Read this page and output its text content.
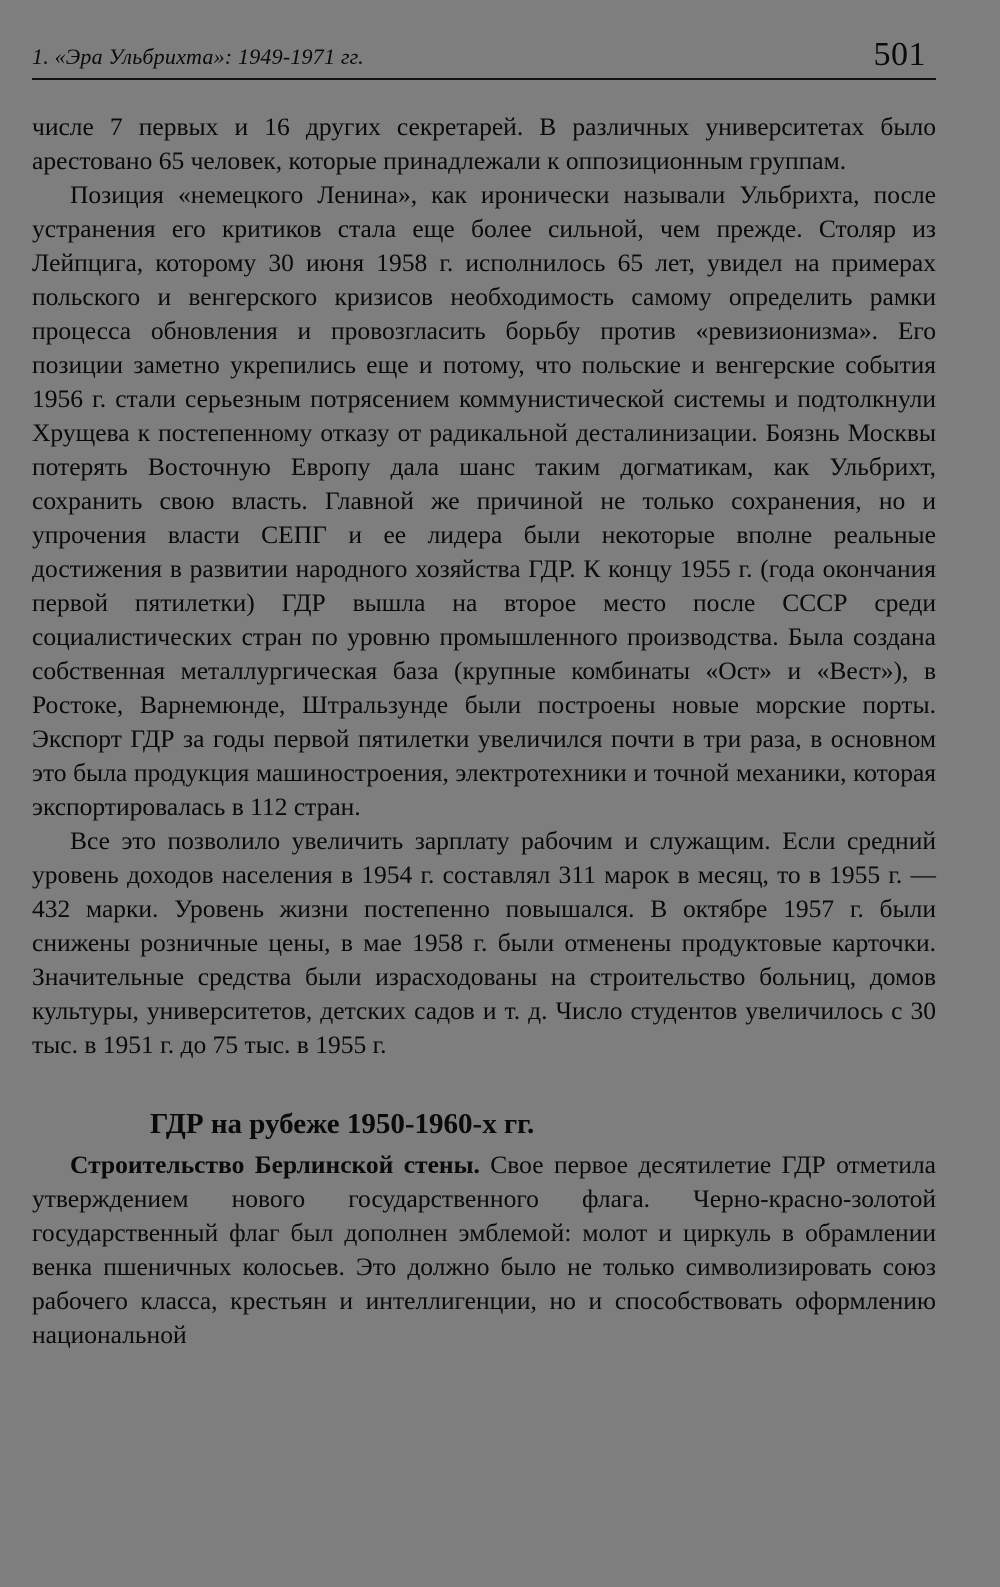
1. «Эра Ульбрихта»: 1949-1971 гг.	501

числе 7 первых и 16 других секретарей. В различных университетах было арестовано 65 человек, которые принадлежали к оппозиционным группам.

Позиция «немецкого Ленина», как иронически называли Ульбрихта, после устранения его критиков стала еще более сильной, чем прежде. Столяр из Лейпцига, которому 30 июня 1958 г. исполнилось 65 лет, увидел на примерах польского и венгерского кризисов необходимость самому определить рамки процесса обновления и провозгласить борьбу против «ревизионизма». Его позиции заметно укрепились еще и потому, что польские и венгерские события 1956 г. стали серьезным потрясением коммунистической системы и подтолкнули Хрущева к постепенному отказу от радикальной десталинизации. Боязнь Москвы потерять Восточную Европу дала шанс таким догматикам, как Ульбрихт, сохранить свою власть. Главной же причиной не только сохранения, но и упрочения власти СЕПГ и ее лидера были некоторые вполне реальные достижения в развитии народного хозяйства ГДР. К концу 1955 г. (года окончания первой пятилетки) ГДР вышла на второе место после СССР среди социалистических стран по уровню промышленного производства. Была создана собственная металлургическая база (крупные комбинаты «Ост» и «Вест»), в Ростоке, Варнемюнде, Штральзунде были построены новые морские порты. Экспорт ГДР за годы первой пятилетки увеличился почти в три раза, в основном это была продукция машиностроения, электротехники и точной механики, которая экспортировалась в 112 стран.

Все это позволило увеличить зарплату рабочим и служащим. Если средний уровень доходов населения в 1954 г. составлял 311 марок в месяц, то в 1955 г. — 432 марки. Уровень жизни постепенно повышался. В октябре 1957 г. были снижены розничные цены, в мае 1958 г. были отменены продуктовые карточки. Значительные средства были израсходованы на строительство больниц, домов культуры, университетов, детских садов и т. д. Число студентов увеличилось с 30 тыс. в 1951 г. до 75 тыс. в 1955 г.

ГДР на рубеже 1950-1960-х гг.

Строительство Берлинской стены. Свое первое десятилетие ГДР отметила утверждением нового государственного флага. Черно-красно-золотой государственный флаг был дополнен эмблемой: молот и циркуль в обрамлении венка пшеничных колосьев. Это должно было не только символизировать союз рабочего класса, крестьян и интеллигенции, но и способствовать оформлению национальной
